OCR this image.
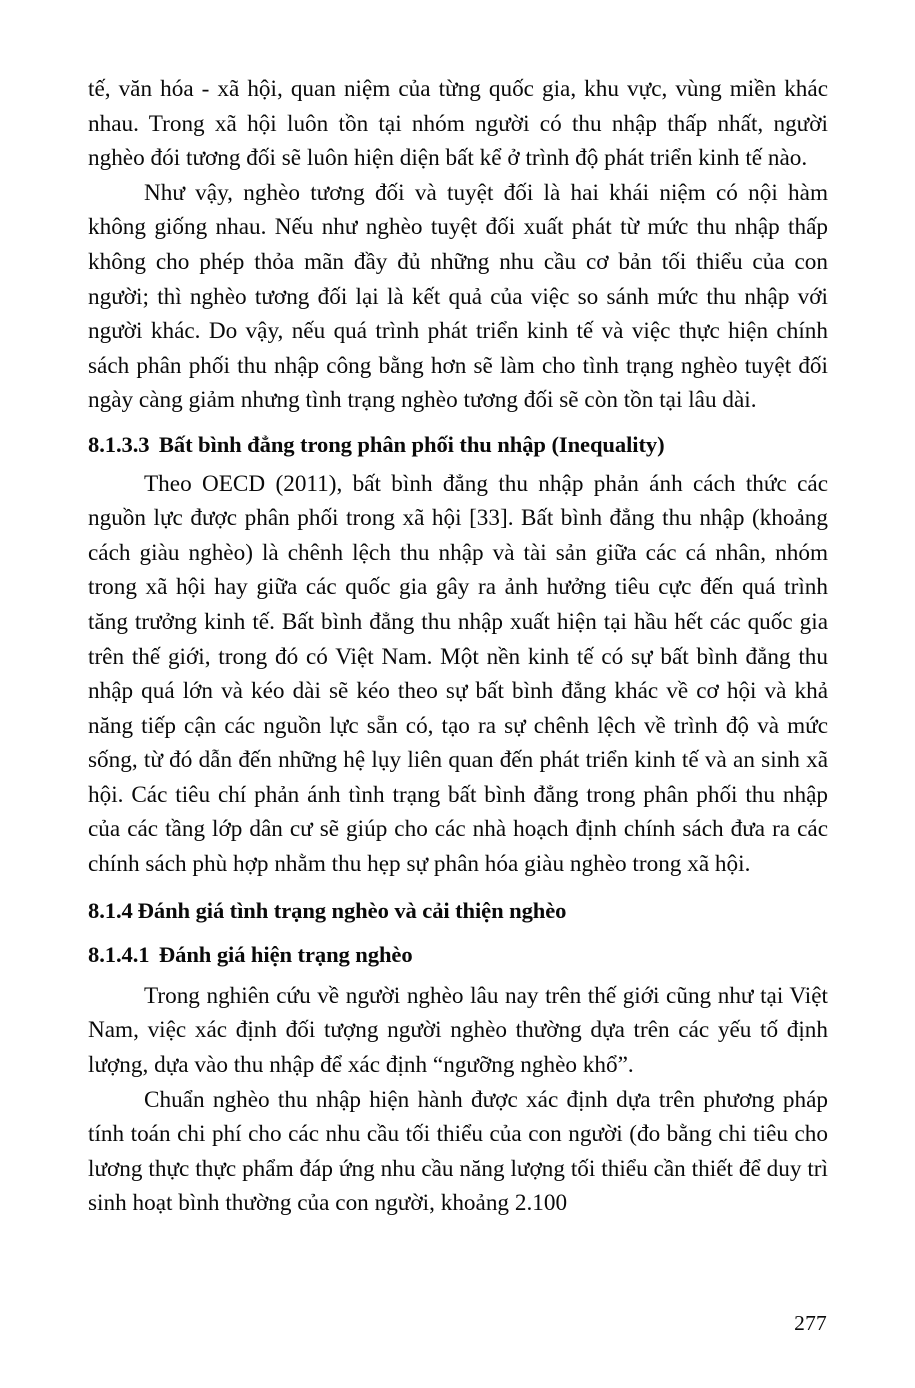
tế, văn hóa - xã hội, quan niệm của từng quốc gia, khu vực, vùng miền khác nhau. Trong xã hội luôn tồn tại nhóm người có thu nhập thấp nhất, người nghèo đói tương đối sẽ luôn hiện diện bất kể ở trình độ phát triển kinh tế nào.

Như vậy, nghèo tương đối và tuyệt đối là hai khái niệm có nội hàm không giống nhau. Nếu như nghèo tuyệt đối xuất phát từ mức thu nhập thấp không cho phép thỏa mãn đầy đủ những nhu cầu cơ bản tối thiểu của con người; thì nghèo tương đối lại là kết quả của việc so sánh mức thu nhập với người khác. Do vậy, nếu quá trình phát triển kinh tế và việc thực hiện chính sách phân phối thu nhập công bằng hơn sẽ làm cho tình trạng nghèo tuyệt đối ngày càng giảm nhưng tình trạng nghèo tương đối sẽ còn tồn tại lâu dài.

8.1.3.3 Bất bình đẳng trong phân phối thu nhập (Inequality)

Theo OECD (2011), bất bình đẳng thu nhập phản ánh cách thức các nguồn lực được phân phối trong xã hội [33]. Bất bình đẳng thu nhập (khoảng cách giàu nghèo) là chênh lệch thu nhập và tài sản giữa các cá nhân, nhóm trong xã hội hay giữa các quốc gia gây ra ảnh hưởng tiêu cực đến quá trình tăng trưởng kinh tế. Bất bình đẳng thu nhập xuất hiện tại hầu hết các quốc gia trên thế giới, trong đó có Việt Nam. Một nền kinh tế có sự bất bình đẳng thu nhập quá lớn và kéo dài sẽ kéo theo sự bất bình đẳng khác về cơ hội và khả năng tiếp cận các nguồn lực sẵn có, tạo ra sự chênh lệch về trình độ và mức sống, từ đó dẫn đến những hệ lụy liên quan đến phát triển kinh tế và an sinh xã hội. Các tiêu chí phản ánh tình trạng bất bình đẳng trong phân phối thu nhập của các tầng lớp dân cư sẽ giúp cho các nhà hoạch định chính sách đưa ra các chính sách phù hợp nhằm thu hẹp sự phân hóa giàu nghèo trong xã hội.

8.1.4 Đánh giá tình trạng nghèo và cải thiện nghèo
8.1.4.1 Đánh giá hiện trạng nghèo

Trong nghiên cứu về người nghèo lâu nay trên thế giới cũng như tại Việt Nam, việc xác định đối tượng người nghèo thường dựa trên các yếu tố định lượng, dựa vào thu nhập để xác định “ngưỡng nghèo khổ”.

Chuẩn nghèo thu nhập hiện hành được xác định dựa trên phương pháp tính toán chi phí cho các nhu cầu tối thiểu của con người (đo bằng chi tiêu cho lương thực thực phẩm đáp ứng nhu cầu năng lượng tối thiểu cần thiết để duy trì sinh hoạt bình thường của con người, khoảng 2.100

277
